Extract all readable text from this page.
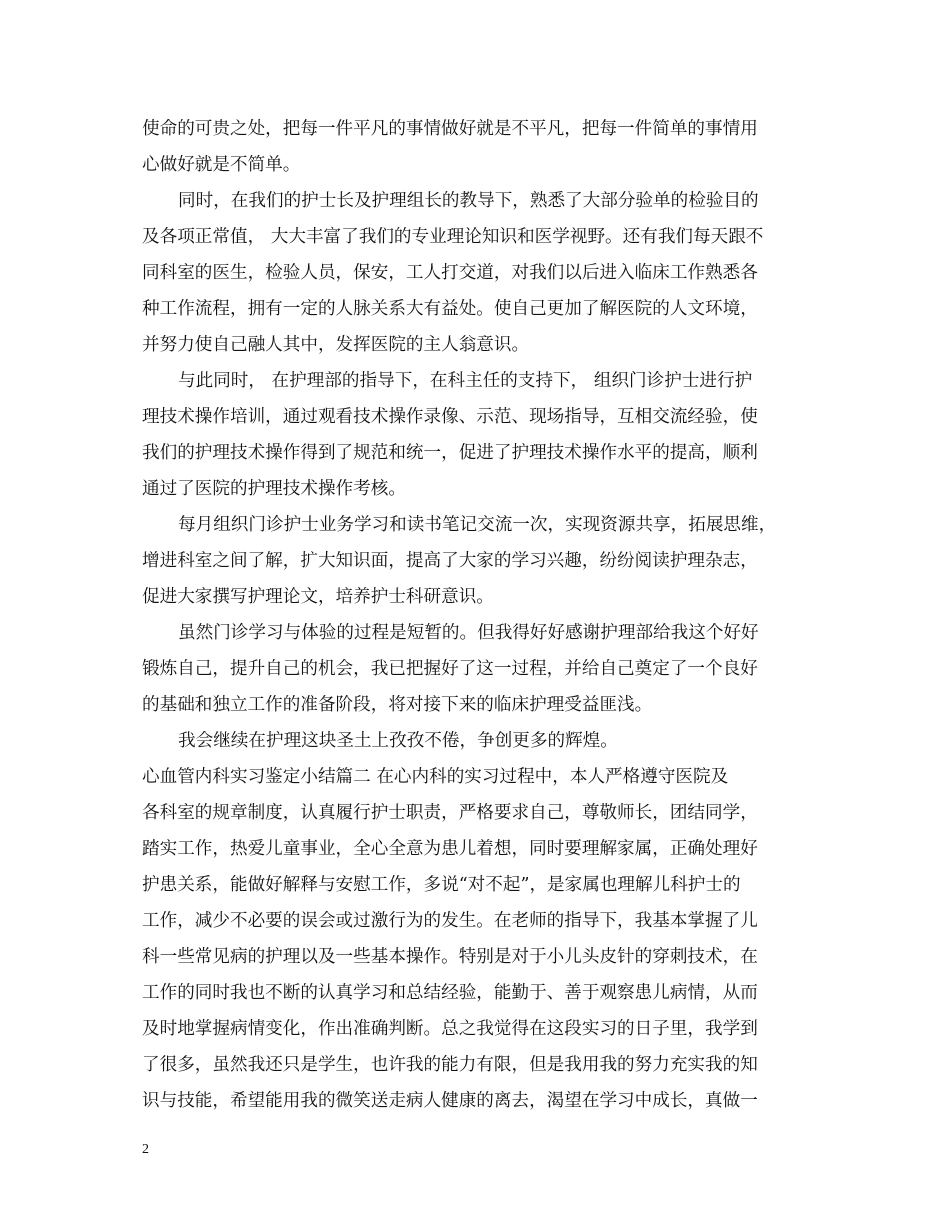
使命的可贵之处，把每一件平凡的事情做好就是不平凡，把每一件简单的事情用
心做好就是不简单。
同时，在我们的护士长及护理组长的教导下，熟悉了大部分验单的检验目的
及各项正常值， 大大丰富了我们的专业理论知识和医学视野。还有我们每天跟不
同科室的医生，检验人员，保安，工人打交道，对我们以后进入临床工作熟悉各
种工作流程，拥有一定的人脉关系大有益处。使自己更加了解医院的人文环境，
并努力使自己融人其中，发挥医院的主人翁意识。
与此同时， 在护理部的指导下，在科主任的支持下， 组织门诊护士进行护
理技术操作培训，通过观看技术操作录像、示范、现场指导，互相交流经验，使
我们的护理技术操作得到了规范和统一，促进了护理技术操作水平的提高，顺利
通过了医院的护理技术操作考核。
每月组织门诊护士业务学习和读书笔记交流一次，实现资源共享，拓展思维，
增进科室之间了解，扩大知识面，提高了大家的学习兴趣，纷纷阅读护理杂志，
促进大家撰写护理论文，培养护士科研意识。
虽然门诊学习与体验的过程是短暂的。但我得好好感谢护理部给我这个好好
锻炼自己，提升自己的机会，我已把握好了这一过程，并给自己奠定了一个良好
的基础和独立工作的准备阶段，将对接下来的临床护理受益匪浅。
我会继续在护理这块圣土上孜孜不倦，争创更多的辉煌。
心血管内科实习鉴定小结篇二 在心内科的实习过程中，本人严格遵守医院及
各科室的规章制度，认真履行护士职责，严格要求自己，尊敬师长，团结同学，
踏实工作，热爱儿童事业，全心全意为患儿着想，同时要理解家属，正确处理好
护患关系，能做好解释与安慰工作，多说“对不起”，是家属也理解儿科护士的
工作，减少不必要的误会或过激行为的发生。在老师的指导下，我基本掌握了儿
科一些常见病的护理以及一些基本操作。特别是对于小儿头皮针的穿刺技术，在
工作的同时我也不断的认真学习和总结经验，能勤于、善于观察患儿病情，从而
及时地掌握病情变化，作出准确判断。总之我觉得在这段实习的日子里，我学到
了很多，虽然我还只是学生，也许我的能力有限，但是我用我的努力充实我的知
识与技能，希望能用我的微笑送走病人健康的离去，渴望在学习中成长，真做一
2
